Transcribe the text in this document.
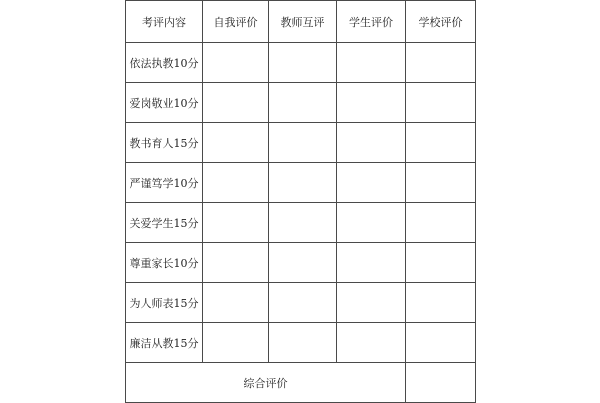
考评内容	自我评价	教师互评	学生评价	学校评价
依法执教10分				
爱岗敬业10分				
教书育人15分				
严谨笃学10分				
关爱学生15分				
尊重家长10分				
为人师表15分				
廉洁从教15分				
综合评价				
